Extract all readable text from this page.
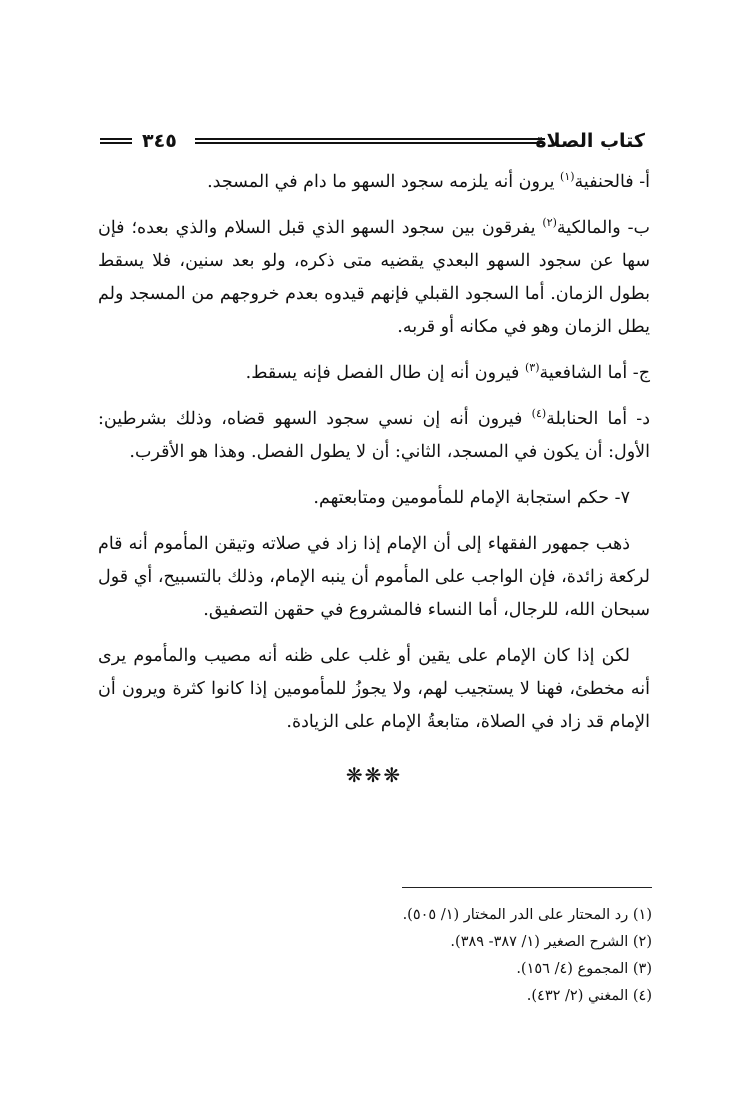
كتاب الصلاة
٣٤٥

أ- فالحنفية$^{(١)}$ يرون أنه يلزمه سجود السهو ما دام في المسجد.

ب- والمالكية$^{(٢)}$ يفرقون بين سجود السهو الذي قبل السلام والذي بعده؛ فإن سها عن سجود السهو البعدي يقضيه متى ذكره، ولو بعد سنين، فلا يسقط بطول الزمان. أما السجود القبلي فإنهم قيدوه بعدم خروجهم من المسجد ولم يطل الزمان وهو في مكانه أو قربه.

ج- أما الشافعية$^{(٣)}$ فيرون أنه إن طال الفصل فإنه يسقط.

د- أما الحنابلة$^{(٤)}$ فيرون أنه إن نسي سجود السهو قضاه، وذلك بشرطين: الأول: أن يكون في المسجد، الثاني: أن لا يطول الفصل. وهذا هو الأقرب.

٧- حكم استجابة الإمام للمأمومين ومتابعتهم.

ذهب جمهور الفقهاء إلى أن الإمام إذا زاد في صلاته وتيقن المأموم أنه قام لركعة زائدة، فإن الواجب على المأموم أن ينبه الإمام، وذلك بالتسبيح، أي قول سبحان الله، للرجال، أما النساء فالمشروع في حقهن التصفيق.

لكن إذا كان الإمام على يقين أو غلب على ظنه أنه مصيب والمأموم يرى أنه مخطئ، فهنا لا يستجيب لهم، ولا يجوزُ للمأمومين إذا كانوا كثرة ويرون أن الإمام قد زاد في الصلاة، متابعةُ الإمام على الزيادة.

❋❋❋

(١) رد المحتار على الدر المختار (١/ ٥٠٥).

(٢) الشرح الصغير (١/ ٣٨٧- ٣٨٩).

(٣) المجموع (٤/ ١٥٦).

(٤) المغني (٢/ ٤٣٢).
